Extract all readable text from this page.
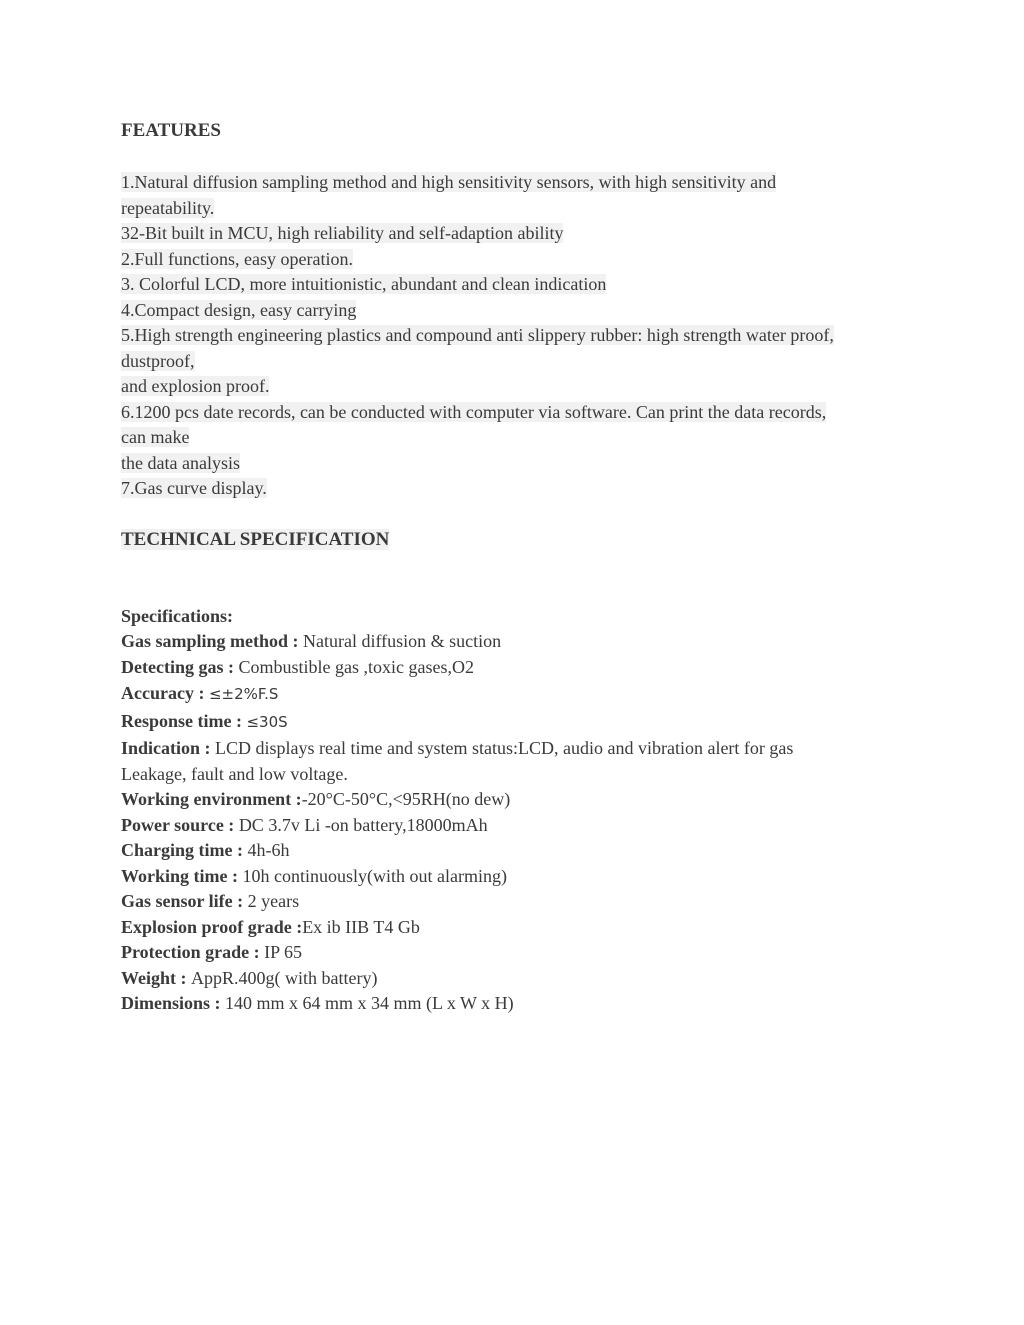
FEATURES
1.Natural diffusion sampling method and high sensitivity sensors, with high sensitivity and
repeatability.
32-Bit built in MCU, high reliability and self-adaption ability
2.Full functions, easy operation.
3. Colorful LCD, more intuitionistic, abundant and clean indication
4.Compact design, easy carrying
5.High strength engineering plastics and compound anti slippery rubber: high strength water proof,
dustproof,
and explosion proof.
6.1200 pcs date records, can be conducted with computer via software. Can print the data records,
can make
the data analysis
7.Gas curve display.
TECHNICAL SPECIFICATION
Specifications:
Gas sampling method : Natural diffusion & suction
Detecting gas : Combustible gas ,toxic gases,O2
Accuracy : ≤±2%F.S
Response time : ≤30S
Indication : LCD displays real time and system status:LCD, audio and vibration alert for gas
Leakage, fault and low voltage.
Working environment :-20°C-50°C,<95RH(no dew)
Power source : DC 3.7v Li -on battery,18000mAh
Charging time : 4h-6h
Working time : 10h continuously(with out alarming)
Gas sensor life : 2 years
Explosion proof grade :Ex ib IIB T4 Gb
Protection grade : IP 65
Weight : AppR.400g( with battery)
Dimensions : 140 mm x 64 mm x 34 mm (L x W x H)
